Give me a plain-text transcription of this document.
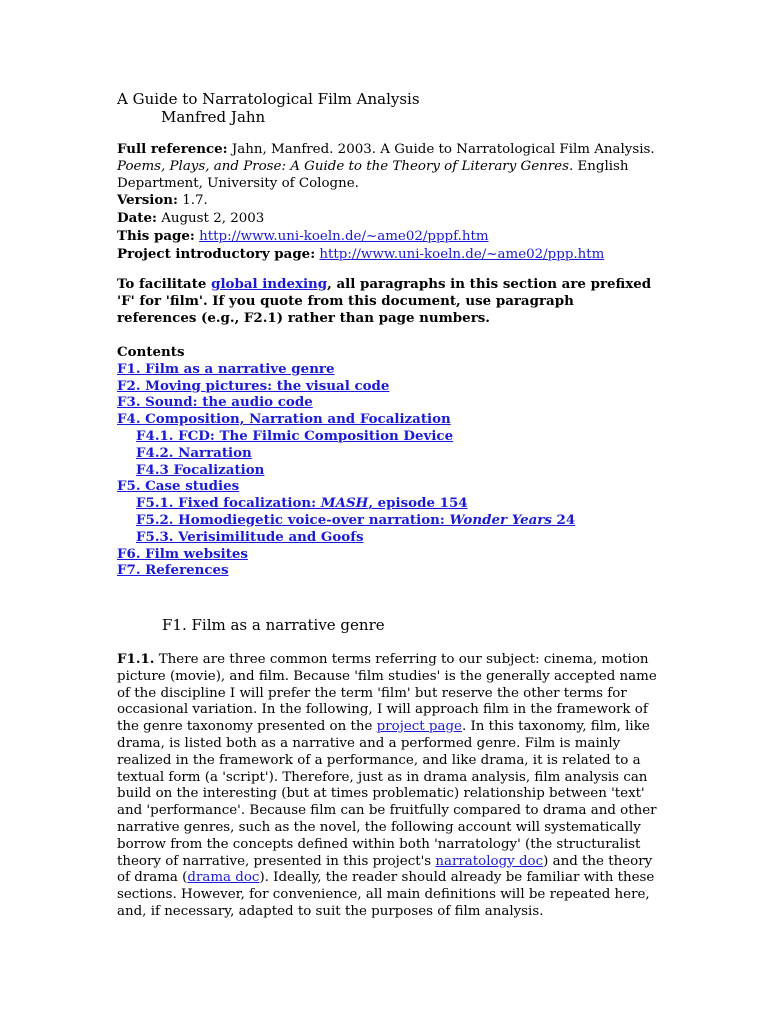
A Guide to Narratological Film Analysis
Manfred Jahn
Full reference: Jahn, Manfred. 2003. A Guide to Narratological Film Analysis. Poems, Plays, and Prose: A Guide to the Theory of Literary Genres. English Department, University of Cologne.
Version: 1.7.
Date: August 2, 2003
This page: http://www.uni-koeln.de/~ame02/pppf.htm
Project introductory page: http://www.uni-koeln.de/~ame02/ppp.htm
To facilitate global indexing, all paragraphs in this section are prefixed 'F' for 'film'. If you quote from this document, use paragraph references (e.g., F2.1) rather than page numbers.
Contents
F1. Film as a narrative genre
F2. Moving pictures: the visual code
F3. Sound: the audio code
F4. Composition, Narration and Focalization
F4.1. FCD: The Filmic Composition Device
F4.2. Narration
F4.3 Focalization
F5. Case studies
F5.1. Fixed focalization: MASH, episode 154
F5.2. Homodiegetic voice-over narration: Wonder Years 24
F5.3. Verisimilitude and Goofs
F6. Film websites
F7. References
F1. Film as a narrative genre
F1.1. There are three common terms referring to our subject: cinema, motion picture (movie), and film. Because 'film studies' is the generally accepted name of the discipline I will prefer the term 'film' but reserve the other terms for occasional variation. In the following, I will approach film in the framework of the genre taxonomy presented on the project page. In this taxonomy, film, like drama, is listed both as a narrative and a performed genre. Film is mainly realized in the framework of a performance, and like drama, it is related to a textual form (a 'script'). Therefore, just as in drama analysis, film analysis can build on the interesting (but at times problematic) relationship between 'text' and 'performance'. Because film can be fruitfully compared to drama and other narrative genres, such as the novel, the following account will systematically borrow from the concepts defined within both 'narratology' (the structuralist theory of narrative, presented in this project's narratology doc) and the theory of drama (drama doc). Ideally, the reader should already be familiar with these sections. However, for convenience, all main definitions will be repeated here, and, if necessary, adapted to suit the purposes of film analysis.
